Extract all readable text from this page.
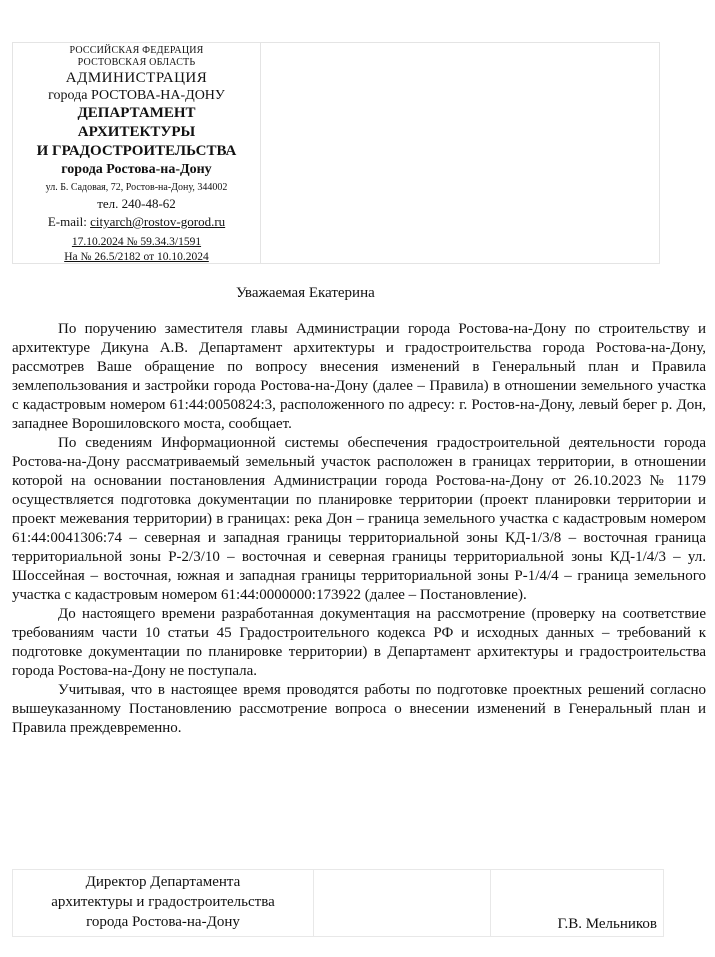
РОССИЙСКАЯ ФЕДЕРАЦИЯ
РОСТОВСКАЯ ОБЛАСТЬ
АДМИНИСТРАЦИЯ
города РОСТОВА-НА-ДОНУ
ДЕПАРТАМЕНТ
АРХИТЕКТУРЫ
И ГРАДОСТРОИТЕЛЬСТВА
города Ростова-на-Дону
ул. Б. Садовая, 72, Ростов-на-Дону, 344002
тел. 240-48-62
E-mail: cityarch@rostov-gorod.ru
17.10.2024 № 59.34.3/1591
На № 26.5/2182 от 10.10.2024
Уважаемая Екатерина

По поручению заместителя главы Администрации города Ростова-на-Дону по строительству и архитектуре Дикуна А.В. Департамент архитектуры и градостроительства города Ростова-на-Дону, рассмотрев Ваше обращение по вопросу внесения изменений в Генеральный план и Правила землепользования и застройки города Ростова-на-Дону (далее – Правила) в отношении земельного участка с кадастровым номером 61:44:0050824:3, расположенного по адресу: г. Ростов-на-Дону, левый берег р. Дон, западнее Ворошиловского моста, сообщает.

По сведениям Информационной системы обеспечения градостроительной деятельности города Ростова-на-Дону рассматриваемый земельный участок расположен в границах территории, в отношении которой на основании постановления Администрации города Ростова-на-Дону от 26.10.2023 № 1179 осуществляется подготовка документации по планировке территории (проект планировки территории и проект межевания территории) в границах: река Дон – граница земельного участка с кадастровым номером 61:44:0041306:74 – северная и западная границы территориальной зоны КД-1/3/8 – восточная граница территориальной зоны Р-2/3/10 – восточная и северная границы территориальной зоны КД-1/4/3 – ул. Шоссейная – восточная, южная и западная границы территориальной зоны Р-1/4/4 – граница земельного участка с кадастровым номером 61:44:0000000:173922 (далее – Постановление).

До настоящего времени разработанная документация на рассмотрение (проверку на соответствие требованиям части 10 статьи 45 Градостроительного кодекса РФ и исходных данных – требований к подготовке документации по планировке территории) в Департамент архитектуры и градостроительства города Ростова-на-Дону не поступала.

Учитывая, что в настоящее время проводятся работы по подготовке проектных решений согласно вышеуказанному Постановлению рассмотрение вопроса о внесении изменений в Генеральный план и Правила преждевременно.

Директор Департамента
архитектуры и градостроительства
города Ростова-на-Дону	Г.В. Мельников
